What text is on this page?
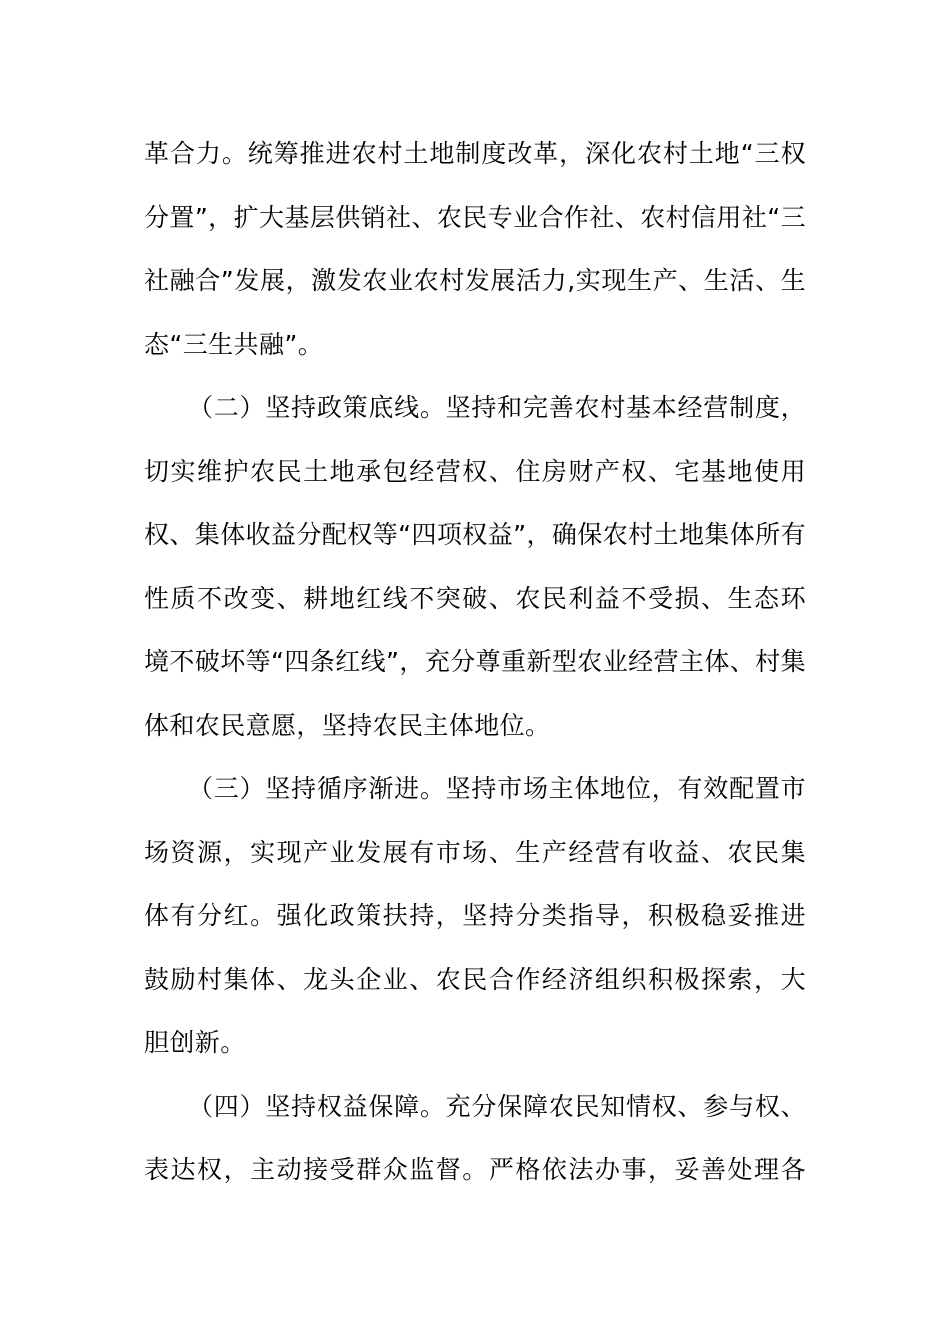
革合力。统筹推进农村土地制度改革，深化农村土地“三权
分置”，扩大基层供销社、农民专业合作社、农村信用社“三
社融合”发展，激发农业农村发展活力,实现生产、生活、生
态“三生共融”。
（二）坚持政策底线。坚持和完善农村基本经营制度，
切实维护农民土地承包经营权、住房财产权、宅基地使用
权、集体收益分配权等“四项权益”，确保农村土地集体所有
性质不改变、耕地红线不突破、农民利益不受损、生态环
境不破坏等“四条红线”，充分尊重新型农业经营主体、村集
体和农民意愿，坚持农民主体地位。
（三）坚持循序渐进。坚持市场主体地位，有效配置市
场资源，实现产业发展有市场、生产经营有收益、农民集
体有分红。强化政策扶持，坚持分类指导，积极稳妥推进
鼓励村集体、龙头企业、农民合作经济组织积极探索，大
胆创新。
（四）坚持权益保障。充分保障农民知情权、参与权、
表达权，主动接受群众监督。严格依法办事，妥善处理各
